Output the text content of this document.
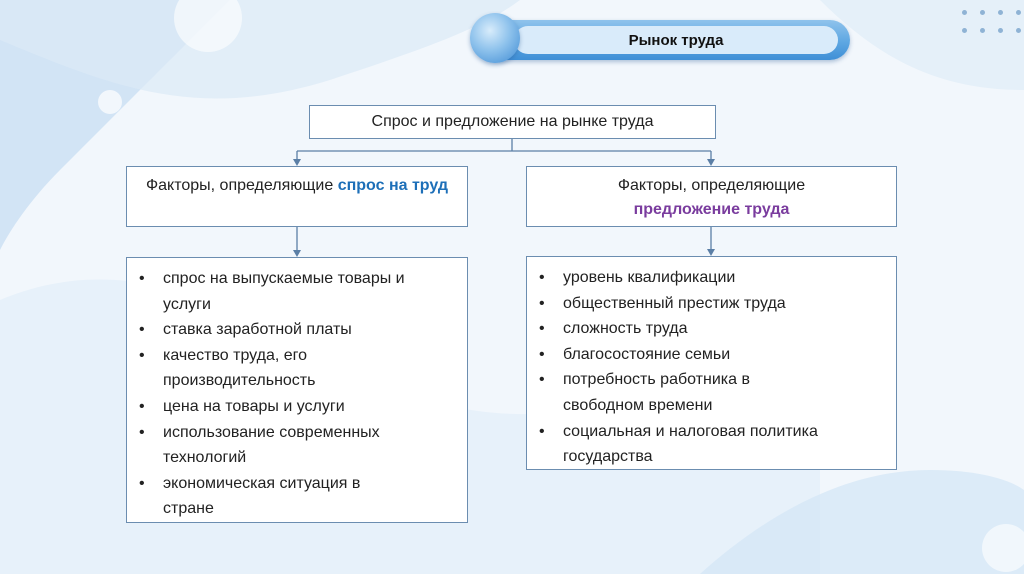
Рынок труда
Спрос и предложение на рынке труда
Факторы, определяющие спрос на труд	Факторы, определяющие
предложение труда
• спрос на выпускаемые товары и услуги
• ставка заработной платы
• качество труда, его производительность
• цена на товары и услуги
• использование современных технологий
• экономическая ситуация в стране
• уровень квалификации
• общественный престиж труда
• сложность труда
• благосостояние семьи
• потребность работника в свободном времени
• социальная и налоговая политика государства
